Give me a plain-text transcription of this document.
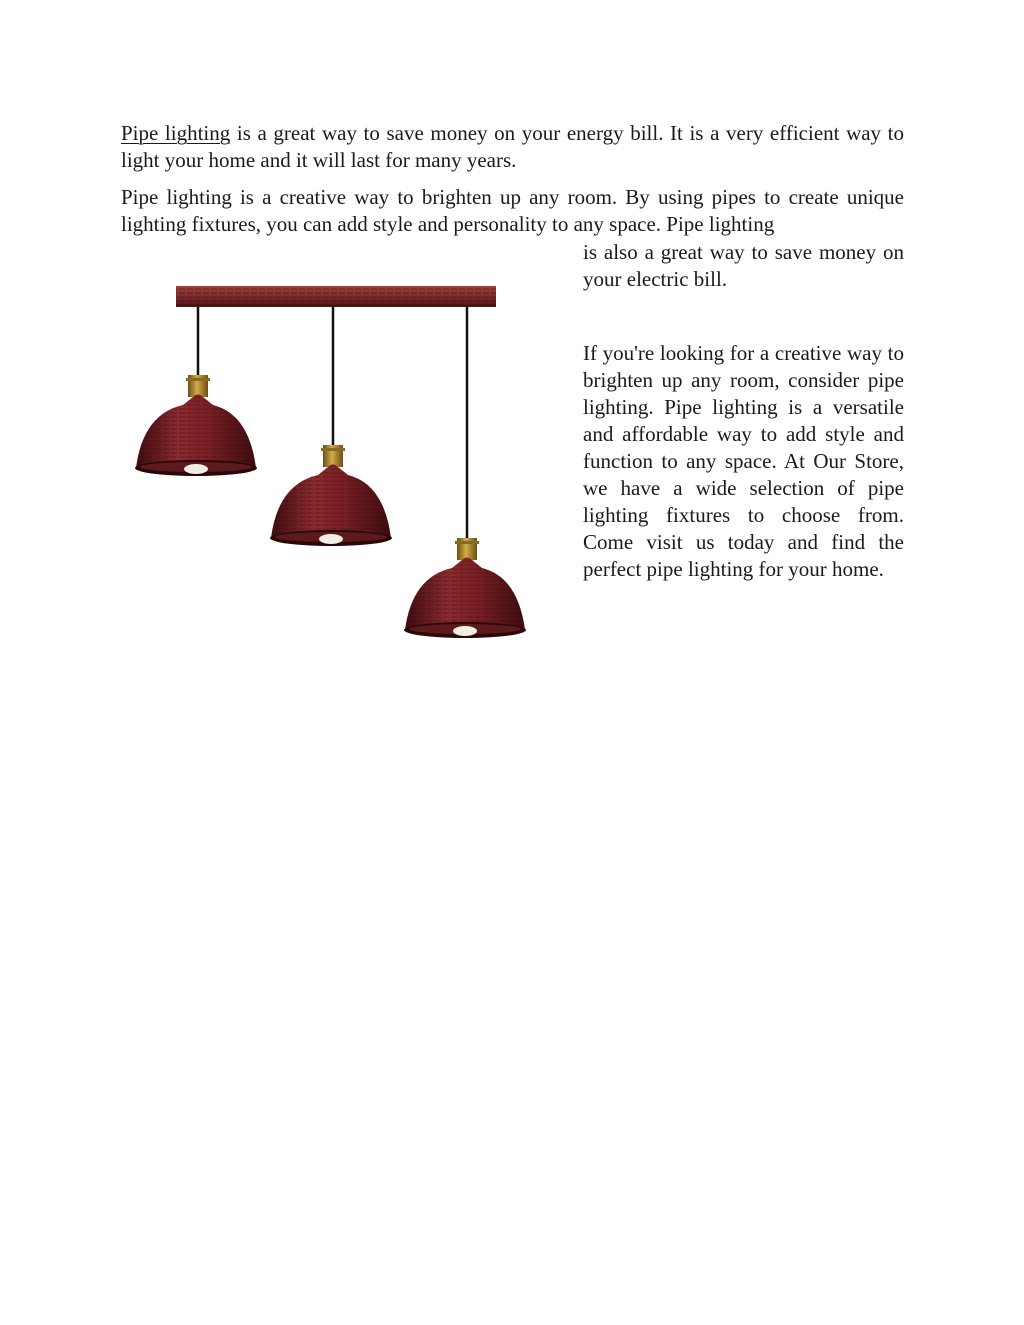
Pipe lighting is a great way to save money on your energy bill. It is a very efficient way to light your home and it will last for many years.

Pipe lighting is a creative way to brighten up any room. By using pipes to create unique lighting fixtures, you can add style and personality to any space. Pipe lighting

is also a great way to save money on your electric bill.

If you're looking for a creative way to brighten up any room, consider pipe lighting. Pipe lighting is a versatile and affordable way to add style and function to any space. At Our Store, we have a wide selection of pipe lighting fixtures to choose from. Come visit us today and find the perfect pipe lighting for your home.
